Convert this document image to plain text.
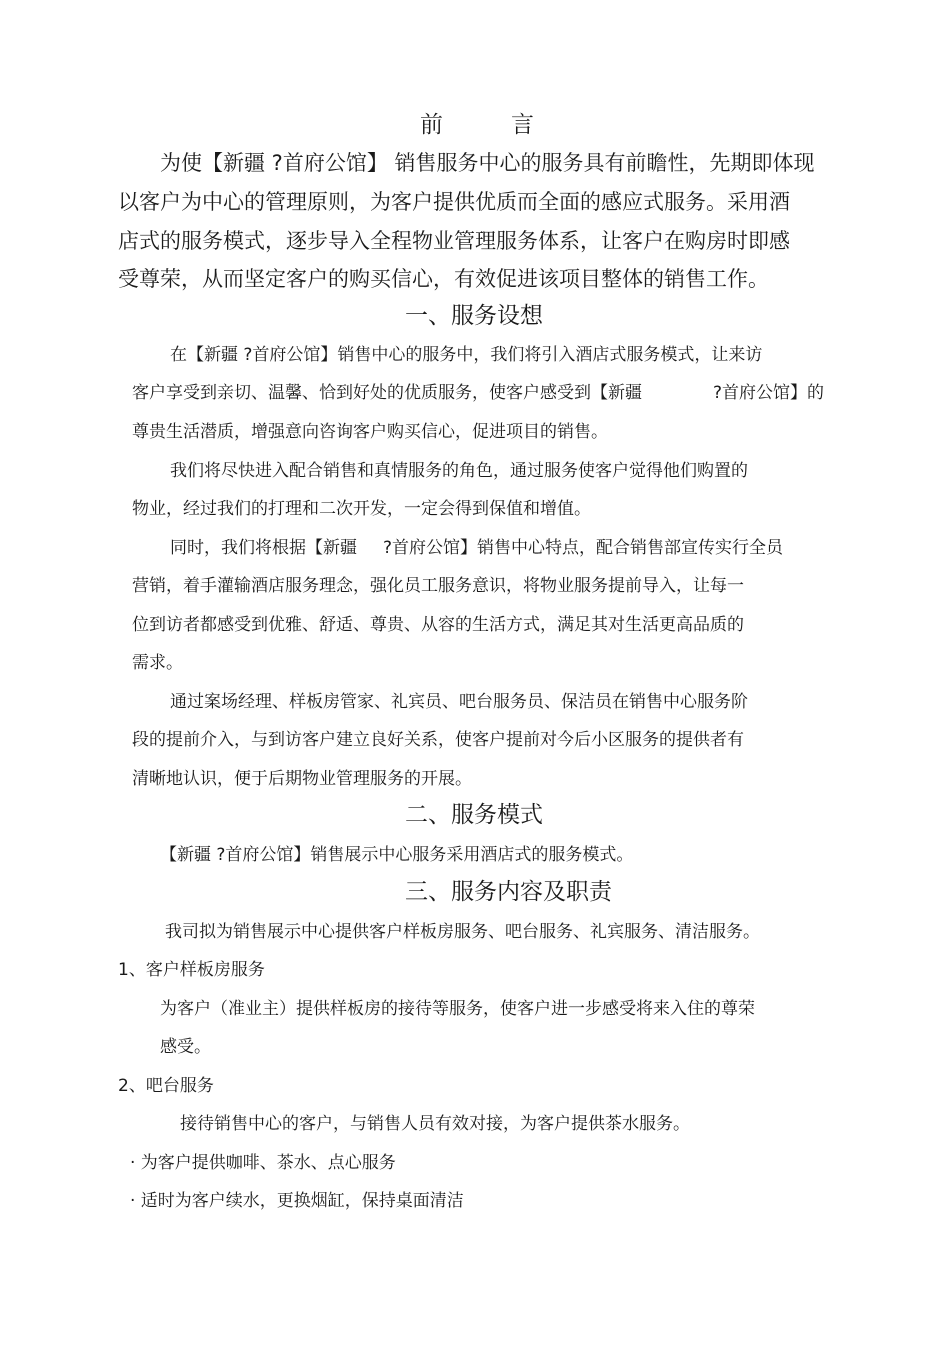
前	言
为使【新疆 ?首府公馆】 销售服务中心的服务具有前瞻性，先期即体现
以客户为中心的管理原则，为客户提供优质而全面的感应式服务。采用酒
店式的服务模式，逐步导入全程物业管理服务体系，让客户在购房时即感
受尊荣，从而坚定客户的购买信心，有效促进该项目整体的销售工作。
一、服务设想
在【新疆 ?首府公馆】销售中心的服务中，我们将引入酒店式服务模式，让来访
客户享受到亲切、温馨、恰到好处的优质服务，使客户感受到【新疆	?首府公馆】的
尊贵生活潜质，增强意向咨询客户购买信心，促进项目的销售。
我们将尽快进入配合销售和真情服务的角色，通过服务使客户觉得他们购置的
物业，经过我们的打理和二次开发，一定会得到保值和增值。
同时，我们将根据【新疆 ?首府公馆】销售中心特点，配合销售部宣传实行全员
营销，着手灌输酒店服务理念，强化员工服务意识，将物业服务提前导入，让每一
位到访者都感受到优雅、舒适、尊贵、从容的生活方式，满足其对生活更高品质的
需求。
通过案场经理、样板房管家、礼宾员、吧台服务员、保洁员在销售中心服务阶
段的提前介入，与到访客户建立良好关系，使客户提前对今后小区服务的提供者有
清晰地认识，便于后期物业管理服务的开展。
二、服务模式
【新疆 ?首府公馆】销售展示中心服务采用酒店式的服务模式。
三、服务内容及职责
我司拟为销售展示中心提供客户样板房服务、吧台服务、礼宾服务、清洁服务。
1、客户样板房服务
为客户（准业主）提供样板房的接待等服务，使客户进一步感受将来入住的尊荣
感受。
2、吧台服务
接待销售中心的客户，与销售人员有效对接，为客户提供茶水服务。
· 为客户提供咖啡、茶水、点心服务
· 适时为客户续水，更换烟缸，保持桌面清洁
